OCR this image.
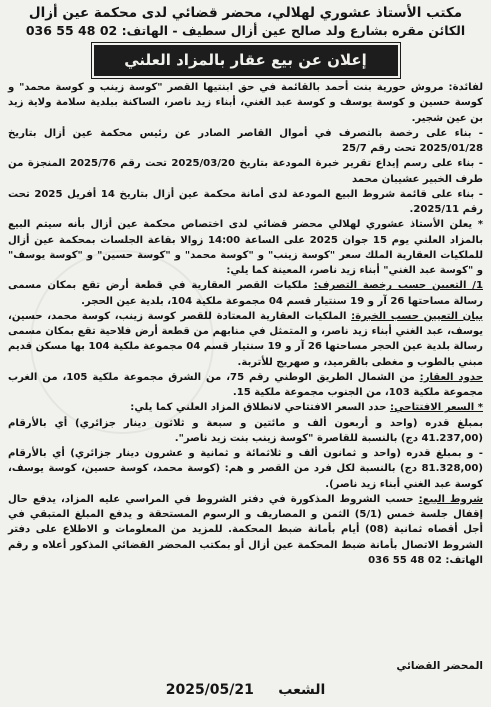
مكتب الأستاذ عشوري لهلالي، محضر قضائي لدى محكمة عين أزال
الكائن مقره بشارع ولد صالح عين أزال سطيف - الهاتف: 02 48 55 036
إعلان عن بيع عقار بالمزاد العلني

لفائدة: مروش حورية بنت أحمد بالقائمة في حق ابنتيها القصر "كوسة زينب و كوسة محمد" و كوسة حسين و كوسة يوسف و كوسة عبد الغني، أبناء زيد ناصر، الساكنة ببلدية سلامة ولاية زيد بن عين شجير.

- بناء على رخصة بالتصرف في أموال القاصر الصادر عن رئيس محكمة عين أزال بتاريخ 2025/01/28 تحت رقم 25/7

- بناء على رسم إيداع تقرير خبرة المودعة بتاريخ 2025/03/20 تحت رقم 2025/76 المنجزة من طرف الخبير عشيبان محمد

- بناء على قائمة شروط البيع المودعة لدى أمانة محكمة عين أزال بتاريخ 14 أفريل 2025 تحت رقم 2025/11.

* يعلن الأستاذ عشوري لهلالي محضر قضائي لدى اختصاص محكمة عين أزال بأنه سيتم البيع بالمزاد العلني يوم 15 جوان 2025 على الساعة 14:00 زوالا بقاعة الجلسات بمحكمة عين أزال للملكيات العقارية الملك سعر "كوسة زينب" و "كوسة محمد" و "كوسة حسين" و "كوسة يوسف" و "كوسة عبد الغني" أبناء زيد ناصر، المعينة كما يلي:

1/ التعيين حسب رخصة التصرف: ملكيات القصر العقارية في قطعة أرض تقع بمكان مسمى رسالة مساحتها 26 آر و 19 سنتيار قسم 04 مجموعة ملكية 104، بلدية عين الحجر.

بيان التعيين حسب الخبرة: الملكيات العقارية المعتادة للقصر كوسة زينب، كوسة محمد، حسين، يوسف، عبد الغني أبناء زيد ناصر، و المتمثل في منابهم من قطعة أرض فلاحية تقع بمكان مسمى رسالة بلدية عين الحجر مساحتها 26 آر و 19 سنتيار قسم 04 مجموعة ملكية 104 بها مسكن قديم مبني بالطوب و مغطى بالقرميد، و صهريج للأتربة.

حدود العقار: من الشمال الطريق الوطني رقم 75، من الشرق مجموعة ملكية 105، من الغرب مجموعة ملكية 103، من الجنوب مجموعة ملكية 15.

* السعر الافتتاحي: حدد السعر الافتتاحي لانطلاق المزاد العلني كما يلي:

بمبلغ قدره (واحد و أربعون ألف و مائتين و سبعة و ثلاثون دينار جزائري) أي بالأرقام (41.237,00 دج) بالنسبة للقاصرة "كوسة زينب بنت زيد ناصر".

- و بمبلغ قدره (واحد و ثمانون ألف و ثلاثمائة و ثمانية و عشرون دينار جزائري) أي بالأرقام (81.328,00 دج) بالنسبة لكل فرد من القصر و هم: (كوسة محمد، كوسة حسين، كوسة يوسف، كوسة عبد الغني أبناء زيد ناصر).

شروط البيع: حسب الشروط المذكورة في دفتر الشروط في المراسي عليه المزاد، يدفع حال إقفال جلسة خمس (5/1) الثمن و المصاريف و الرسوم المستحقة و يدفع المبلغ المتبقي في أجل أقصاه ثمانية (08) أيام بأمانة ضبط المحكمة. للمزيد من المعلومات و الاطلاع على دفتر الشروط الاتصال بأمانة ضبط المحكمة عين أزال أو بمكتب المحضر القضائي المذكور أعلاه و رقم الهاتف: 02 48 55 036

المحضر القضائي
الشعب     2025/05/21
